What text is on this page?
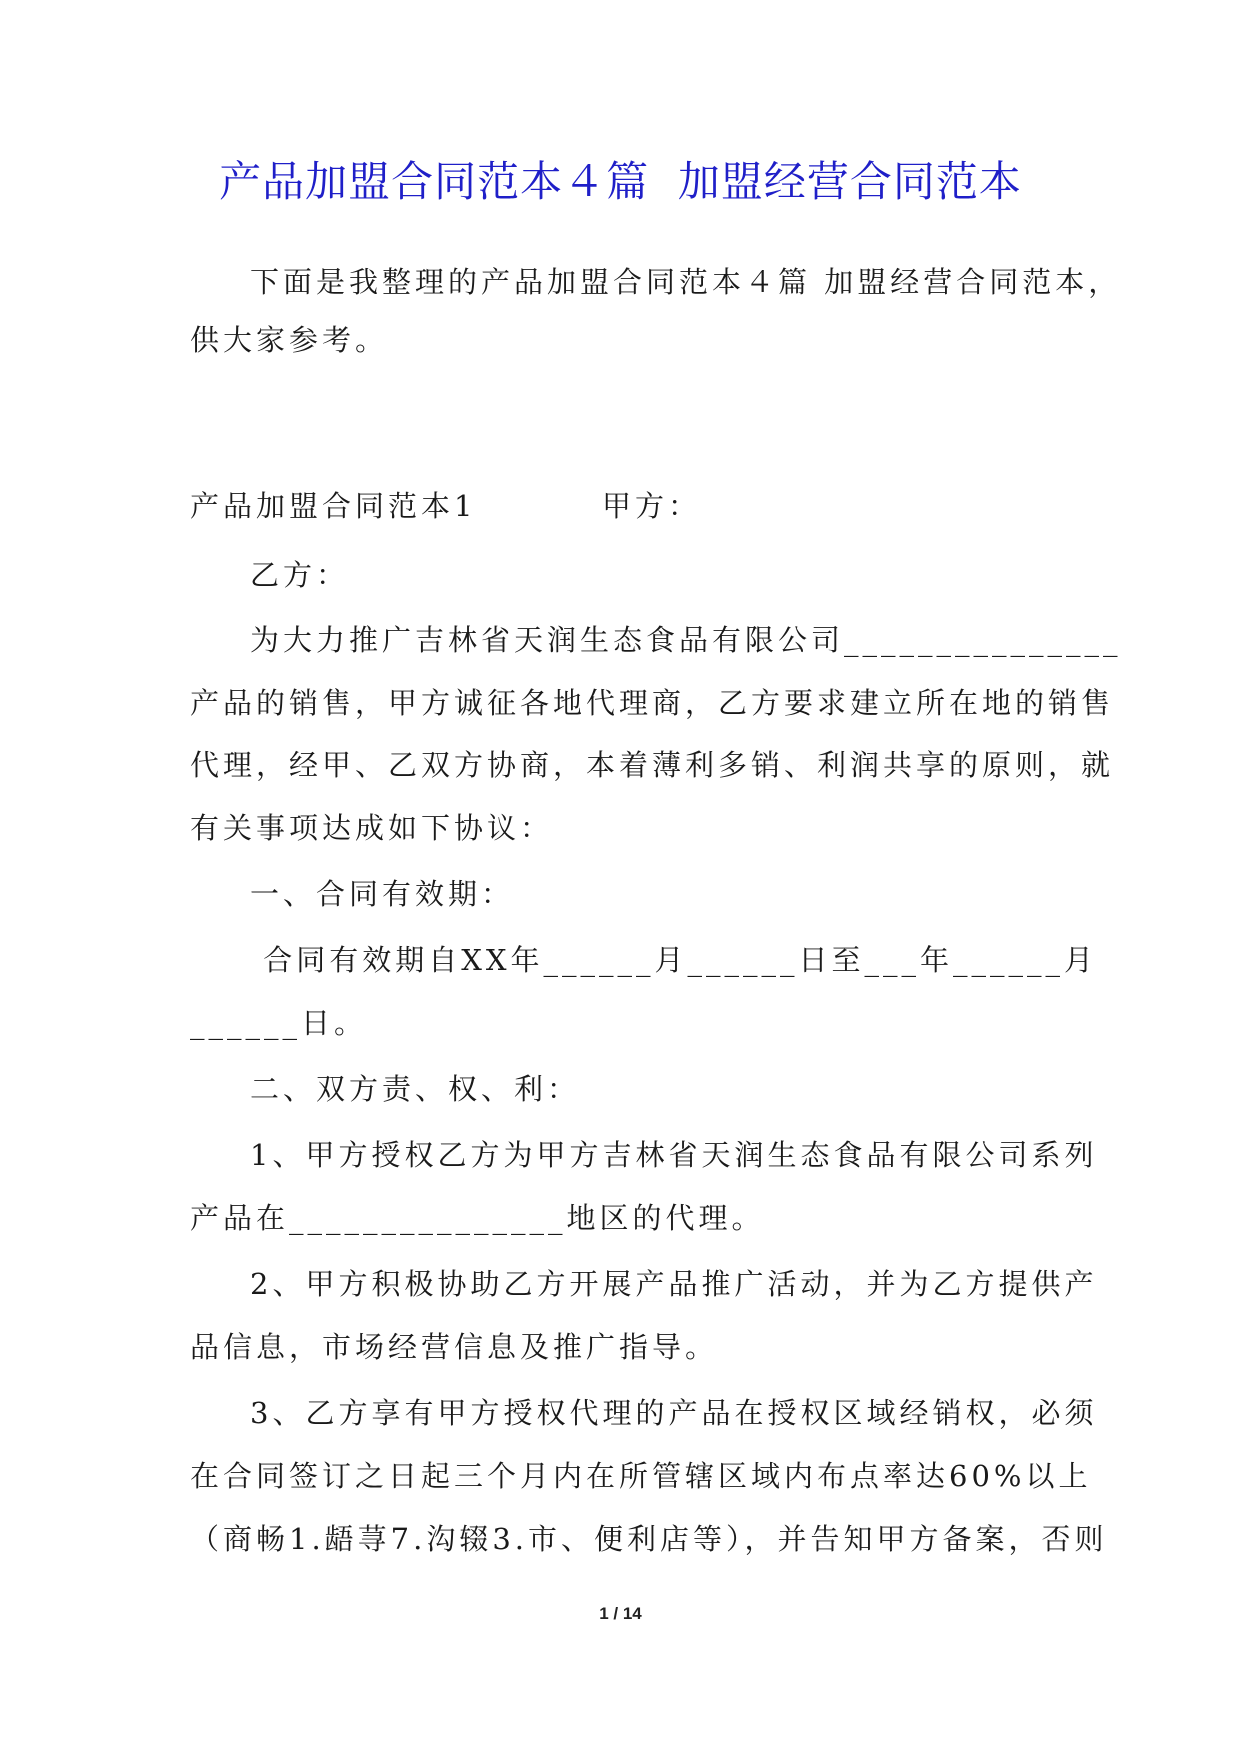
产品加盟合同范本４篇  加盟经营合同范本
下面是我整理的产品加盟合同范本４篇 加盟经营合同范本，
供大家参考。
产品加盟合同范本1	甲方：
乙方：
为大力推广吉林省天润生态食品有限公司_______________
产品的销售，甲方诚征各地代理商，乙方要求建立所在地的销售
代理，经甲、乙双方协商，本着薄利多销、利润共享的原则，就
有关事项达成如下协议：
一、合同有效期：
合同有效期自XX年______月______日至___年______月
______日。
二、双方责、权、利：
1、甲方授权乙方为甲方吉林省天润生态食品有限公司系列
产品在_______________地区的代理。
2、甲方积极协助乙方开展产品推广活动，并为乙方提供产
品信息，市场经营信息及推广指导。
3、乙方享有甲方授权代理的产品在授权区域经销权，必须
在合同签订之日起三个月内在所管辖区域内布点率达60%以上
（商畅1.龉荨7.沟辍3.市、便利店等），并告知甲方备案，否则
1 / 14
